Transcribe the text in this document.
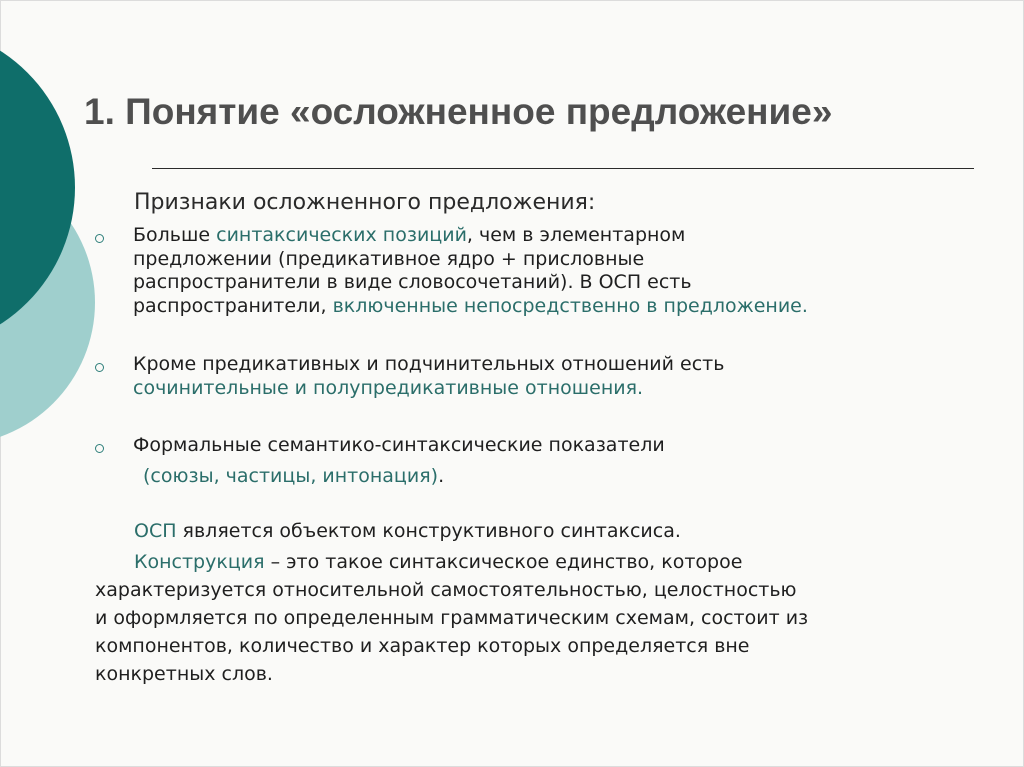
1. Понятие «осложненное предложение»
Признаки осложненного предложения:
Больше синтаксических позиций, чем в элементарном
предложении (предикативное ядро + присловные
распространители в виде словосочетаний). В ОСП есть
распространители, включенные непосредственно в предложение.
Кроме предикативных и подчинительных отношений есть
сочинительные и полупредикативные отношения.
Формальные семантико-синтаксические показатели
(союзы, частицы, интонация).
ОСП является объектом конструктивного синтаксиса.
Конструкция – это такое синтаксическое единство, которое
характеризуется относительной самостоятельностью, целостностью
и оформляется по определенным грамматическим схемам, состоит из
компонентов, количество и характер которых определяется вне
конкретных слов.
